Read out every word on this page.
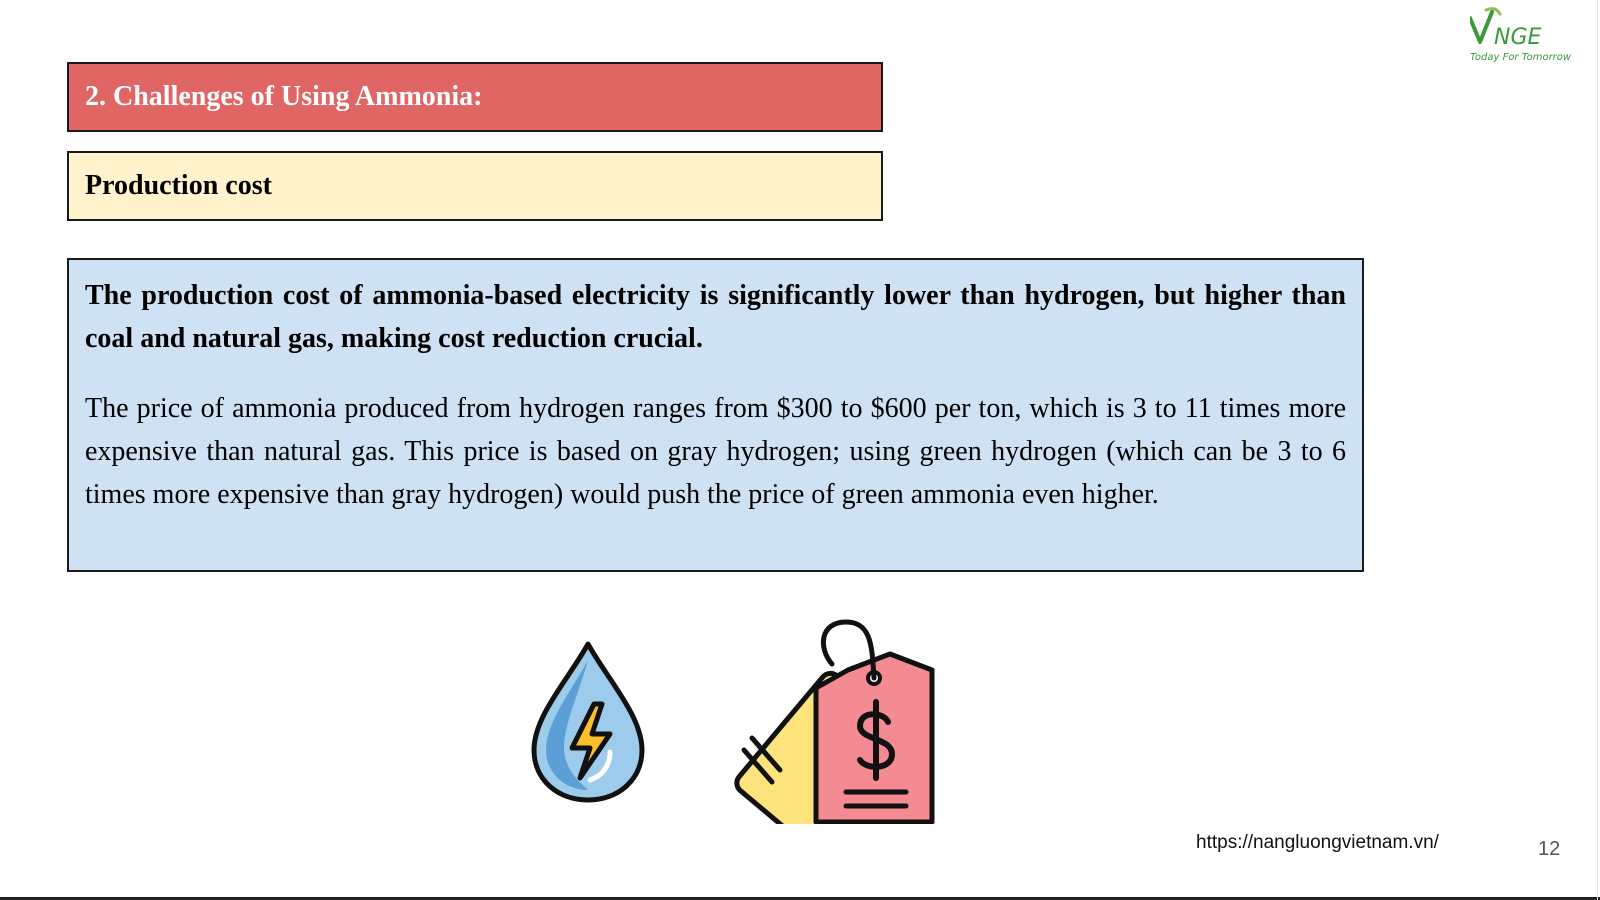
2. Challenges of Using Ammonia:
Production cost

The production cost of ammonia-based electricity is significantly lower than hydrogen, but higher than coal and natural gas, making cost reduction crucial.

The price of ammonia produced from hydrogen ranges from $300 to $600 per ton, which is 3 to 11 times more expensive than natural gas. This price is based on gray hydrogen; using green hydrogen (which can be 3 to 6 times more expensive than gray hydrogen) would push the price of green ammonia even higher.

NGE
Today For Tomorrow
https://nangluongvietnam.vn/	12
